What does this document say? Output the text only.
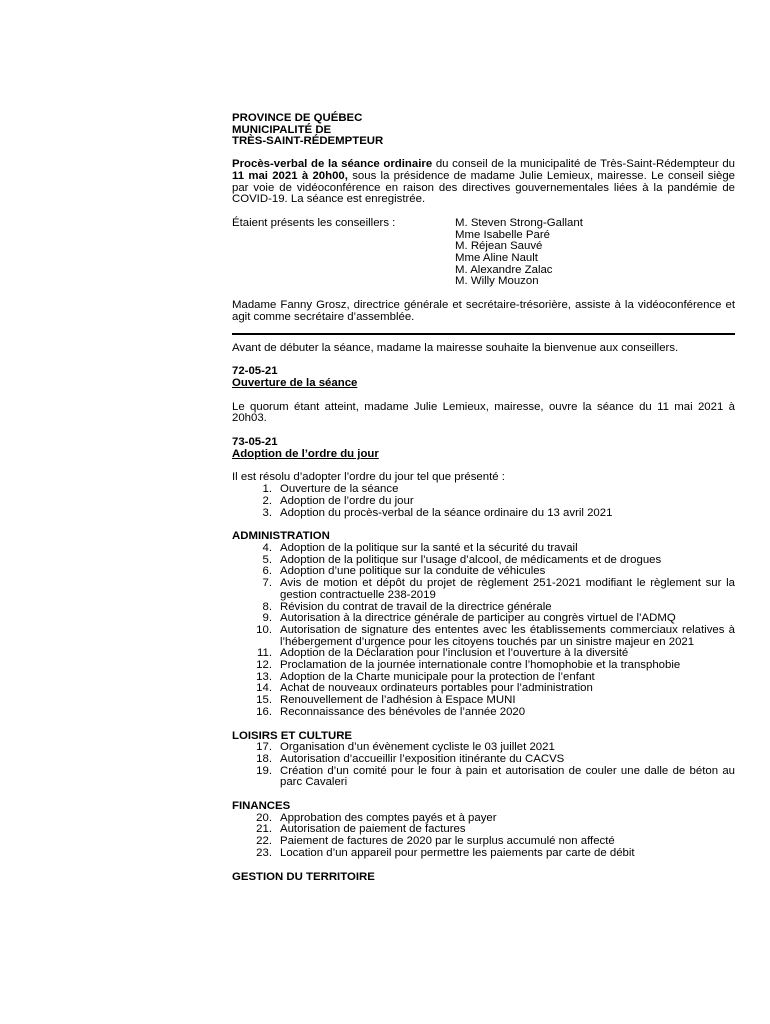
PROVINCE DE QUÉBEC
MUNICIPALITÉ DE
TRÈS-SAINT-RÉDEMPTEUR

Procès-verbal de la séance ordinaire du conseil de la municipalité de Très-Saint-Rédempteur du 11 mai 2021 à 20h00, sous la présidence de madame Julie Lemieux, mairesse. Le conseil siège par voie de vidéoconférence en raison des directives gouvernementales liées à la pandémie de COVID-19. La séance est enregistrée.

Étaient présents les conseillers :	M. Steven Strong-Gallant
Mme Isabelle Paré
M. Réjean Sauvé
Mme Aline Nault
M. Alexandre Zalac
M. Willy Mouzon

Madame Fanny Grosz, directrice générale et secrétaire-trésorière, assiste à la vidéoconférence et agit comme secrétaire d’assemblée.

Avant de débuter la séance, madame la mairesse souhaite la bienvenue aux conseillers.

72-05-21
Ouverture de la séance

Le quorum étant atteint, madame Julie Lemieux, mairesse, ouvre la séance du 11 mai 2021 à 20h03.

73-05-21
Adoption de l’ordre du jour

Il est résolu d’adopter l’ordre du jour tel que présenté :

1. Ouverture de la séance
2. Adoption de l’ordre du jour
3. Adoption du procès-verbal de la séance ordinaire du 13 avril 2021
ADMINISTRATION
4. Adoption de la politique sur la santé et la sécurité du travail
5. Adoption de la politique sur l’usage d’alcool, de médicaments et de drogues
6. Adoption d’une politique sur la conduite de véhicules
7. Avis de motion et dépôt du projet de règlement 251-2021 modifiant le règlement sur la gestion contractuelle 238-2019
8. Révision du contrat de travail de la directrice générale
9. Autorisation à la directrice générale de participer au congrès virtuel de l’ADMQ
10. Autorisation de signature des ententes avec les établissements commerciaux relatives à l’hébergement d’urgence pour les citoyens touchés par un sinistre majeur en 2021
11. Adoption de la Déclaration pour l’inclusion et l’ouverture à la diversité
12. Proclamation de la journée internationale contre l’homophobie et la transphobie
13. Adoption de la Charte municipale pour la protection de l’enfant
14. Achat de nouveaux ordinateurs portables pour l’administration
15. Renouvellement de l’adhésion à Espace MUNI
16. Reconnaissance des bénévoles de l’année 2020
LOISIRS ET CULTURE
17. Organisation d’un évènement cycliste le 03 juillet 2021
18. Autorisation d’accueillir l’exposition itinérante du CACVS
19. Création d’un comité pour le four à pain et autorisation de couler une dalle de béton au parc Cavaleri
FINANCES
20. Approbation des comptes payés et à payer
21. Autorisation de paiement de factures
22. Paiement de factures de 2020 par le surplus accumulé non affecté
23. Location d’un appareil pour permettre les paiements par carte de débit
GESTION DU TERRITOIRE
